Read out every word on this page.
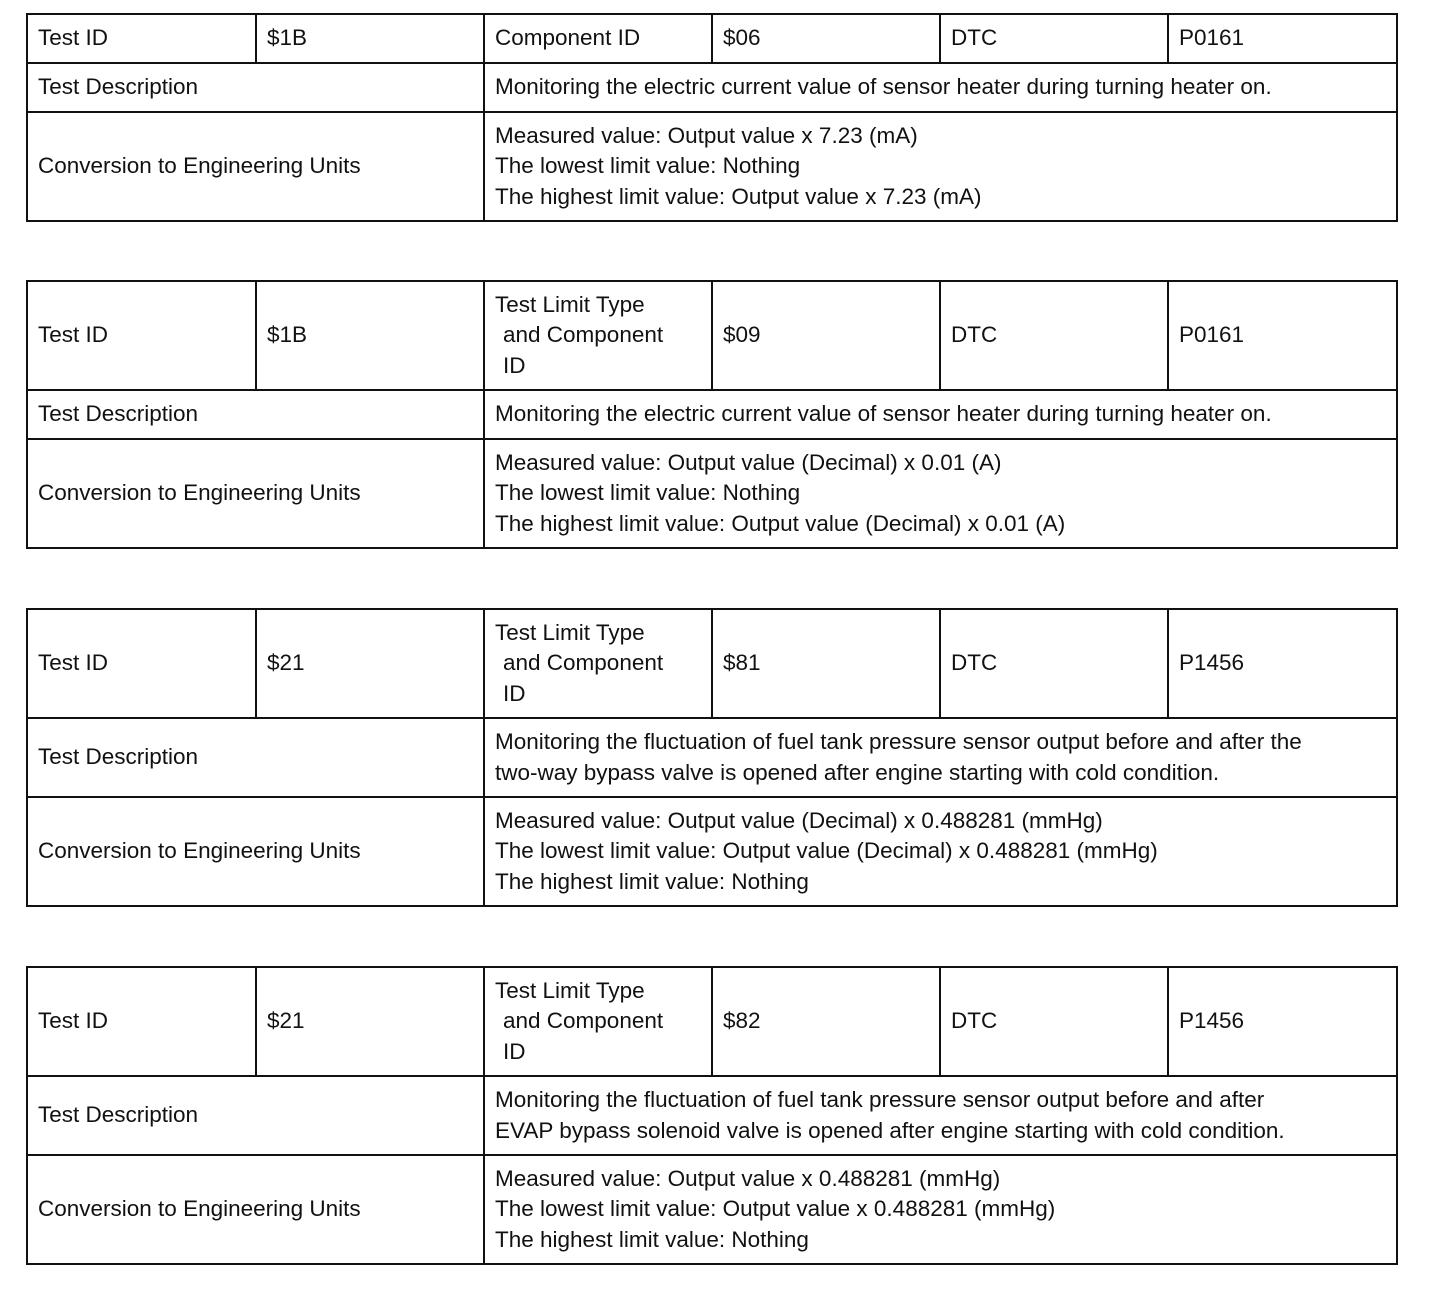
Test ID	$1B	Component ID	$06	DTC	P0161
Test Description		Monitoring the electric current value of sensor heater during turning heater on.			
Conversion to Engineering Units		Measured value: Output value x 7.23 (mA)
The lowest limit value: Nothing
The highest limit value: Output value x 7.23 (mA)			
Test ID	$1B	Test Limit Type
and Component
ID	$09	DTC	P0161
Test Description		Monitoring the electric current value of sensor heater during turning heater on.			
Conversion to Engineering Units		Measured value: Output value (Decimal) x 0.01 (A)
The lowest limit value: Nothing
The highest limit value: Output value (Decimal) x 0.01 (A)			
Test ID	$21	Test Limit Type
and Component
ID	$81	DTC	P1456
Test Description		Monitoring the fluctuation of fuel tank pressure sensor output before and after the
two-way bypass valve is opened after engine starting with cold condition.			

Conversion to Engineering Units		Measured value: Output value (Decimal) x 0.488281 (mmHg)
The lowest limit value: Output value (Decimal) x 0.488281 (mmHg)
The highest limit value: Nothing			
Test ID	$21	Test Limit Type
and Component
ID	$82	DTC	P1456
Test Description		Monitoring the fluctuation of fuel tank pressure sensor output before and after
EVAP bypass solenoid valve is opened after engine starting with cold condition.			

Conversion to Engineering Units		Measured value: Output value x 0.488281 (mmHg)
The lowest limit value: Output value x 0.488281 (mmHg)
The highest limit value: Nothing			
